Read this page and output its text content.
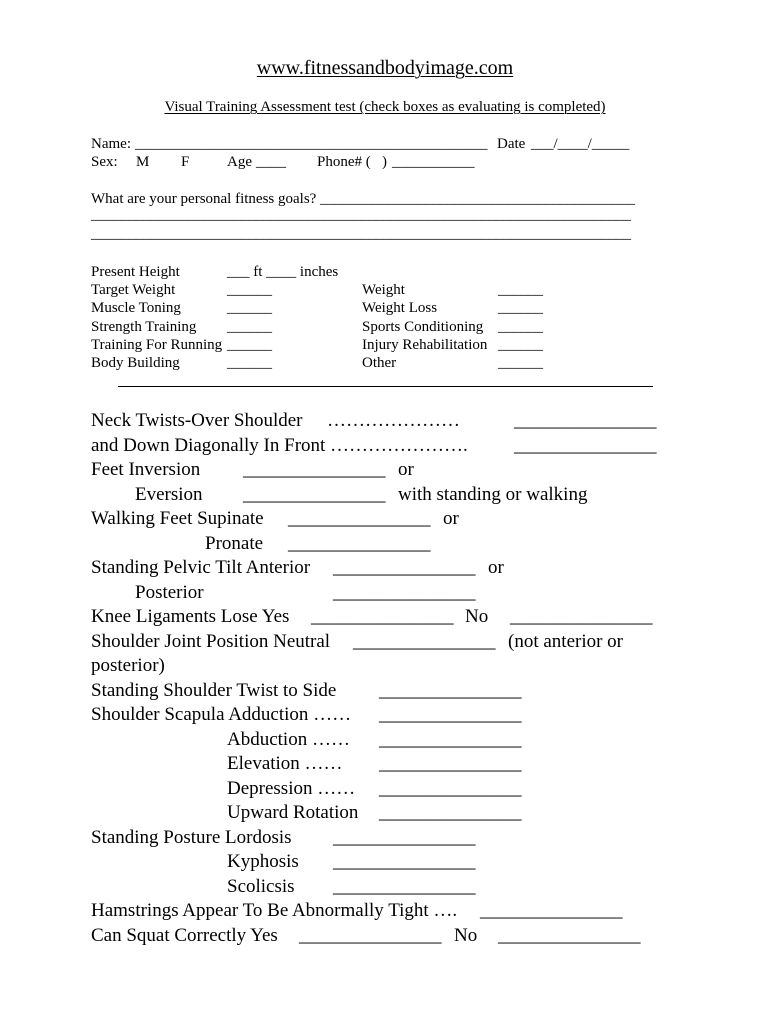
www.fitnessandbodyimage.com
Visual Training Assessment test (check boxes as evaluating is completed)
Name: _______________________________________________ Date ___/____/_____
Sex: M F	Age ____ Phone# (   ) ___________
What are your personal fitness goals? __________________________________________
________________________________________________________________________
________________________________________________________________________
Present Height	___ ft ____ inches
Target Weight	______	Weight	______
Muscle Toning	______	Weight Loss	______
Strength Training ______	Sports Conditioning ______
Training For Running ______	Injury Rehabilitation ______
Body Building	______	Other	______
Neck Twists-Over Shoulder …………………	_______________
and Down Diagonally In Front …………………. _______________
Feet Inversion _______________ or
Eversion _______________ with standing or walking
Walking Feet Supinate _______________ or
Pronate _______________
Standing Pelvic Tilt Anterior _______________ or
Posterior	_______________
Knee Ligaments Lose Yes _______________ No _______________
Shoulder Joint Position Neutral _______________ (not anterior or
posterior)
Standing Shoulder Twist to Side _______________
Shoulder Scapula Adduction …… _______________
Abduction …… _______________
Elevation …… _______________
Depression …… _______________
Upward Rotation _______________
Standing Posture Lordosis _______________
Kyphosis _______________
Scolicsis _______________
Hamstrings Appear To Be Abnormally Tight …. _______________
Can Squat Correctly Yes _______________ No _______________
